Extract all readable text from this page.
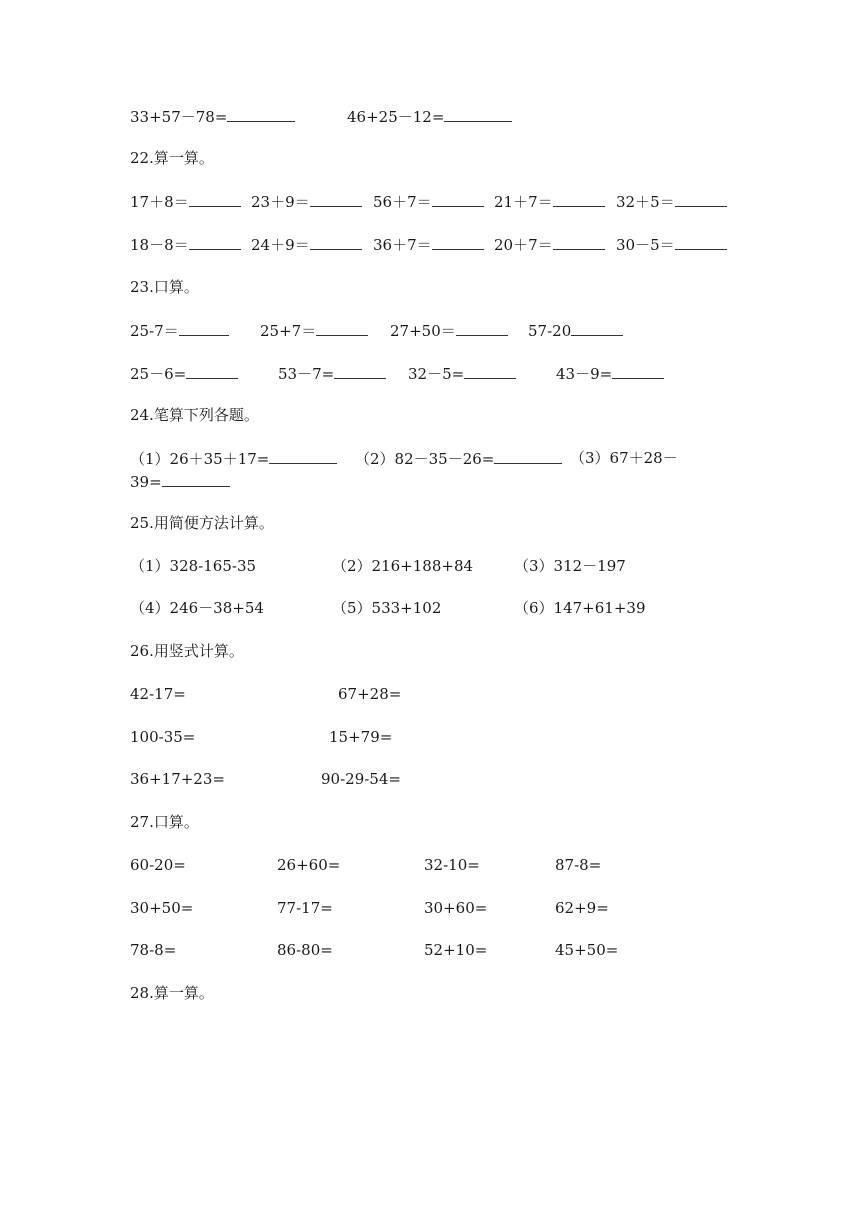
33+57－78=	46+25－12=
22.算一算。
17＋8＝	23＋9＝	56＋7＝	21＋7＝	32＋5＝
18－8＝	24＋9＝	36＋7＝	20＋7＝	30－5＝
23.口算。
25-7＝	25+7＝	27+50＝	57-20
25－6=	53－7=	32－5=	43－9=
24.笔算下列各题。
（1）26＋35＋17=	（2）82－35－26=	（3）67＋28－
39=
25.用简便方法计算。
（1）328-165-35	（2）216+188+84	（3）312－197
（4）246－38+54	（5）533+102	（6）147+61+39
26.用竖式计算。
42-17=	67+28=
100-35=	15+79=
36+17+23=	90-29-54=
27.口算。
60-20=	26+60=	32-10=	87-8=
30+50=	77-17=	30+60=	62+9=
78-8=	86-80=	52+10=	45+50=
28.算一算。
